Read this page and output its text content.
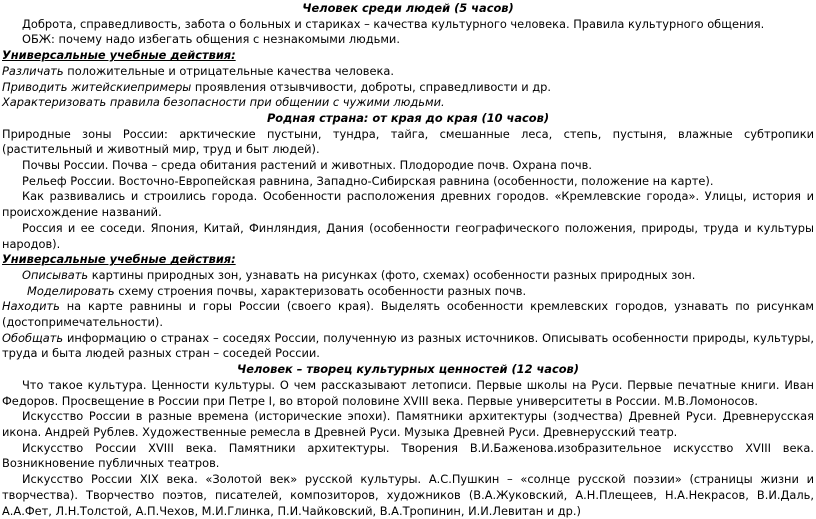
Человек среди людей (5 часов)

Доброта, справедливость, забота о больных и стариках – качества культурного человека. Правила культурного общения.

ОБЖ: почему надо избегать общения с незнакомыми людьми.

Универсальные учебные действия:

Различать положительные и отрицательные качества человека.

Приводить житейскиепримеры проявления отзывчивости, доброты, справедливости и др.

Характеризовать правила безопасности при общении с чужими людьми.

Родная страна: от края до края (10 часов)

Природные зоны России: арктические пустыни, тундра, тайга, смешанные леса, степь, пустыня, влажные субтропики (растительный и животный мир, труд и быт людей).

Почвы России. Почва – среда обитания растений и животных. Плодородие почв. Охрана почв.

Рельеф России. Восточно-Европейская равнина, Западно-Сибирская равнина (особенности, положение на карте).

Как развивались и строились города. Особенности расположения древних городов. «Кремлевские города». Улицы, история и происхождение названий.

Россия и ее соседи. Япония, Китай, Финляндия, Дания (особенности географического положения, природы, труда и культуры народов).

Универсальные учебные действия:

Описывать картины природных зон, узнавать на рисунках (фото, схемах) особенности разных природных зон.

Моделировать схему строения почвы, характеризовать особенности разных почв.

Находить на карте равнины и горы России (своего края). Выделять особенности кремлевских городов, узнавать по рисункам (достопримечательности).

Обобщать информацию о странах – соседях России, полученную из разных источников. Описывать особенности природы, культуры, труда и быта людей разных стран – соседей России.

Человек – творец культурных ценностей (12 часов)

Что такое культура. Ценности культуры. О чем рассказывают летописи. Первые школы на Руси. Первые печатные книги. Иван Федоров. Просвещение в России при Петре I, во второй половине XVIII века. Первые университеты в России. М.В.Ломоносов.

Искусство России в разные времена (исторические эпохи). Памятники архитектуры (зодчества) Древней Руси. Древнерусская икона. Андрей Рублев. Художественные ремесла в Древней Руси. Музыка Древней Руси. Древнерусский театр.

Искусство России XVIII века. Памятники архитектуры. Творения В.И.Баженова.изобразительное искусство XVIII века. Возникновение публичных театров.

Искусство России XIX века. «Золотой век» русской культуры. А.С.Пушкин – «солнце русской поэзии» (страницы жизни и творчества). Творчество поэтов, писателей, композиторов, художников (В.А.Жуковский, А.Н.Плещеев, Н.А.Некрасов, В.И.Даль, А.А.Фет, Л.Н.Толстой, А.П.Чехов, М.И.Глинка, П.И.Чайковский, В.А.Тропинин, И.И.Левитан и др.)
